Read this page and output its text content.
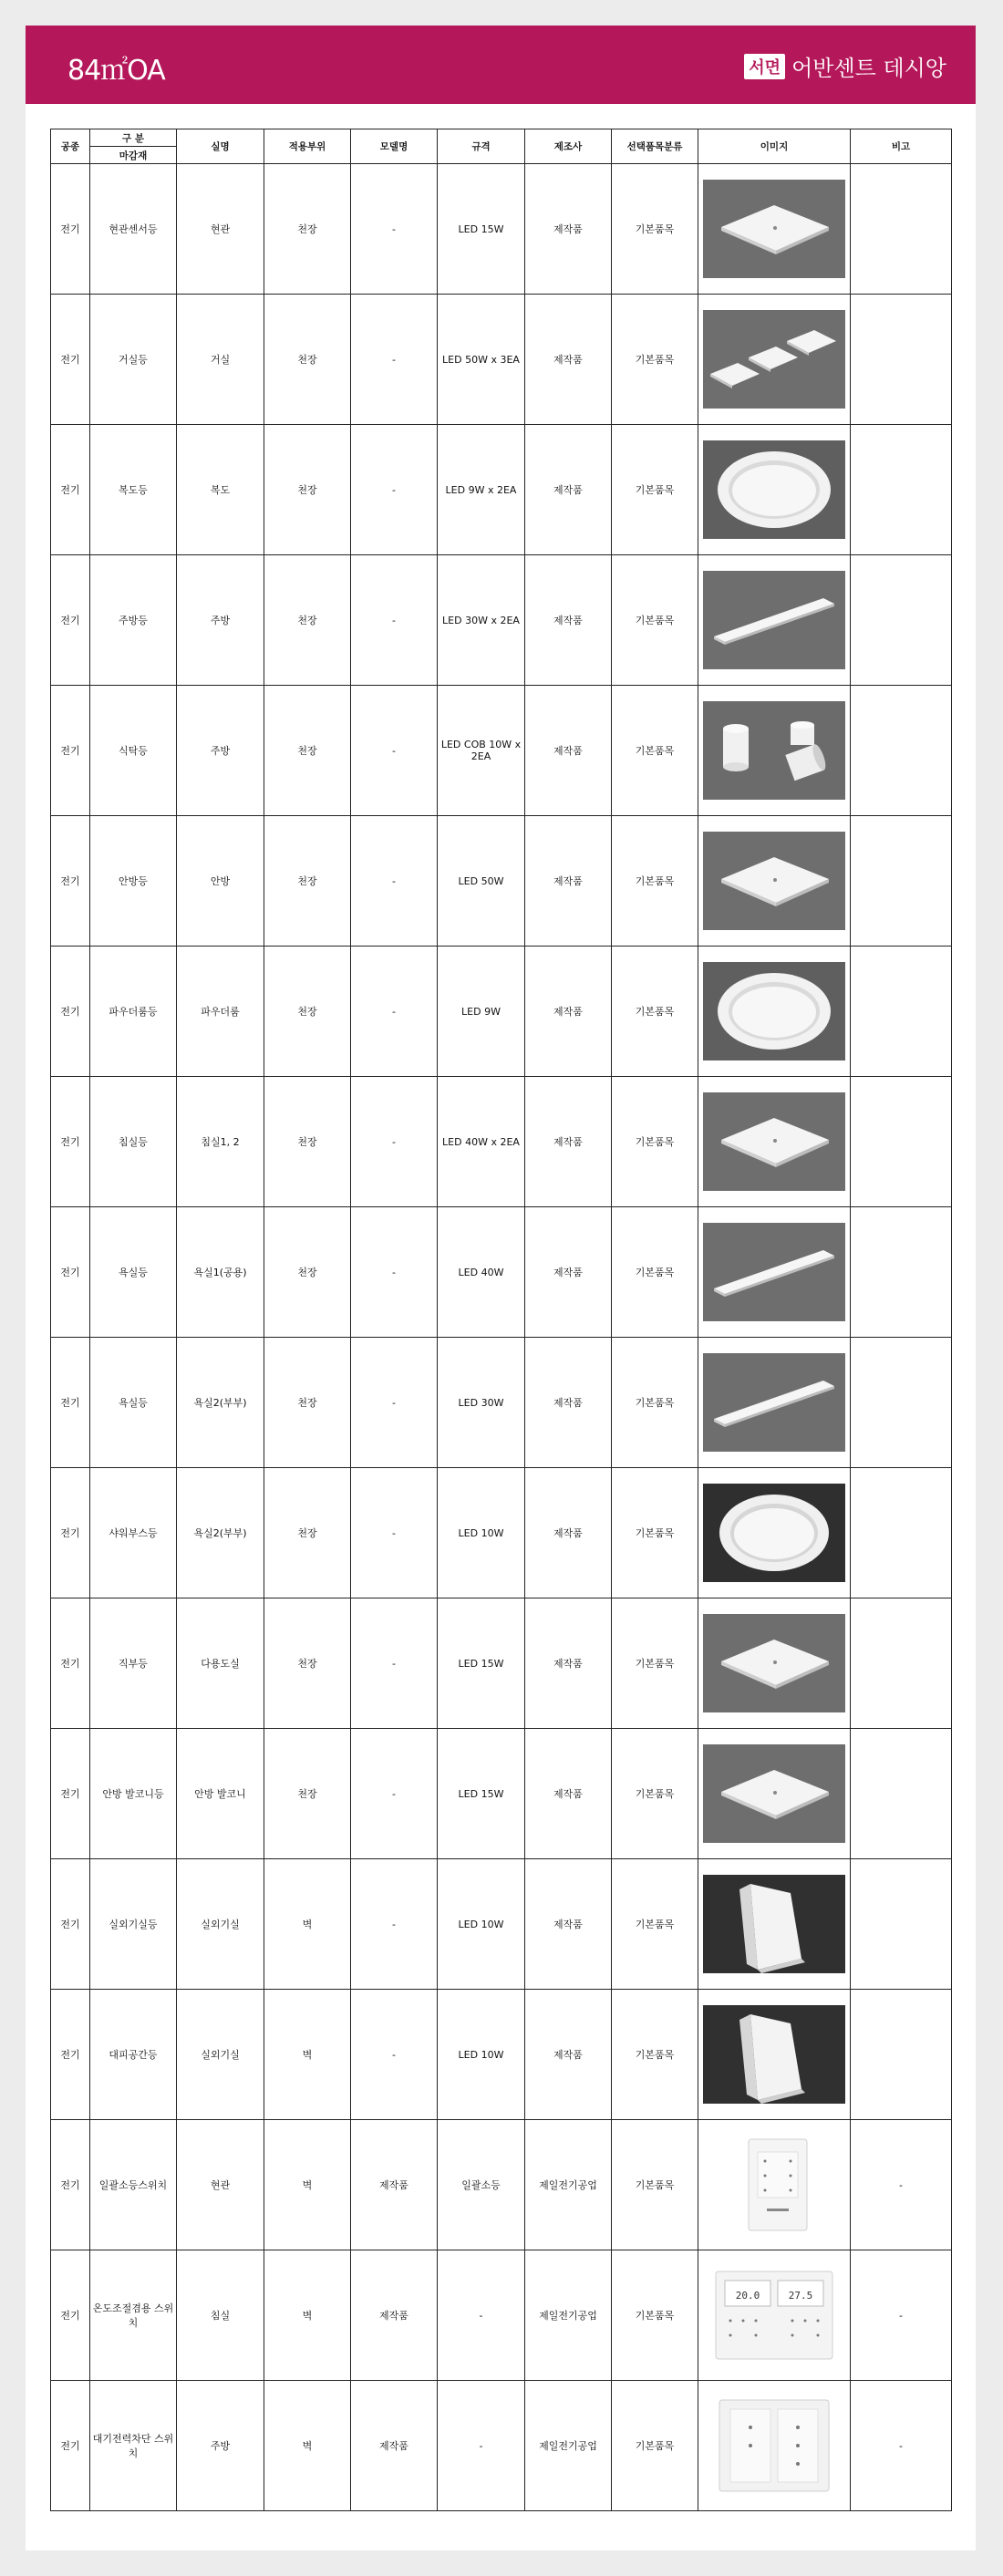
84㎡OA	서면 어반센트 데시앙
공종	구 분	실명	적용부위	모델명	규격	제조사	선택품목분류	이미지	비고
	마감재								
전기	현관센서등	현관	천장	-	LED 15W	제작품	기본품목	

전기	거실등	거실	천장	-	LED 50W x 3EA	제작품	기본품목	

전기	복도등	복도	천장	-	LED 9W x 2EA	제작품	기본품목	

전기	주방등	주방	천장	-	LED 30W x 2EA	제작품	기본품목	

전기	식탁등	주방	천장	-	LED COB 10W x 2EA	제작품	기본품목	

전기	안방등	안방	천장	-	LED 50W	제작품	기본품목	

전기	파우더룸등	파우더룸	천장	-	LED 9W	제작품	기본품목	

전기	침실등	침실1, 2	천장	-	LED 40W x 2EA	제작품	기본품목	

전기	욕실등	욕실1(공용)	천장	-	LED 40W	제작품	기본품목	

전기	욕실등	욕실2(부부)	천장	-	LED 30W	제작품	기본품목	

전기	샤워부스등	욕실2(부부)	천장	-	LED 10W	제작품	기본품목	

전기	직부등	다용도실	천장	-	LED 15W	제작품	기본품목	

전기	안방 발코니등	안방 발코니	천장	-	LED 15W	제작품	기본품목	

전기	실외기실등	실외기실	벽	-	LED 10W	제작품	기본품목	

전기	대피공간등	실외기실	벽	-	LED 10W	제작품	기본품목	

전기	일괄소등스위치	현관	벽	제작품	일괄소등	제일전기공업	기본품목		-
전기	온도조절겸용 스위치	침실	벽	제작품	-	제일전기공업	기본품목	20.0 27.5	-
전기	대기전력차단 스위치	주방	벽	제작품	-	제일전기공업	기본품목		-
